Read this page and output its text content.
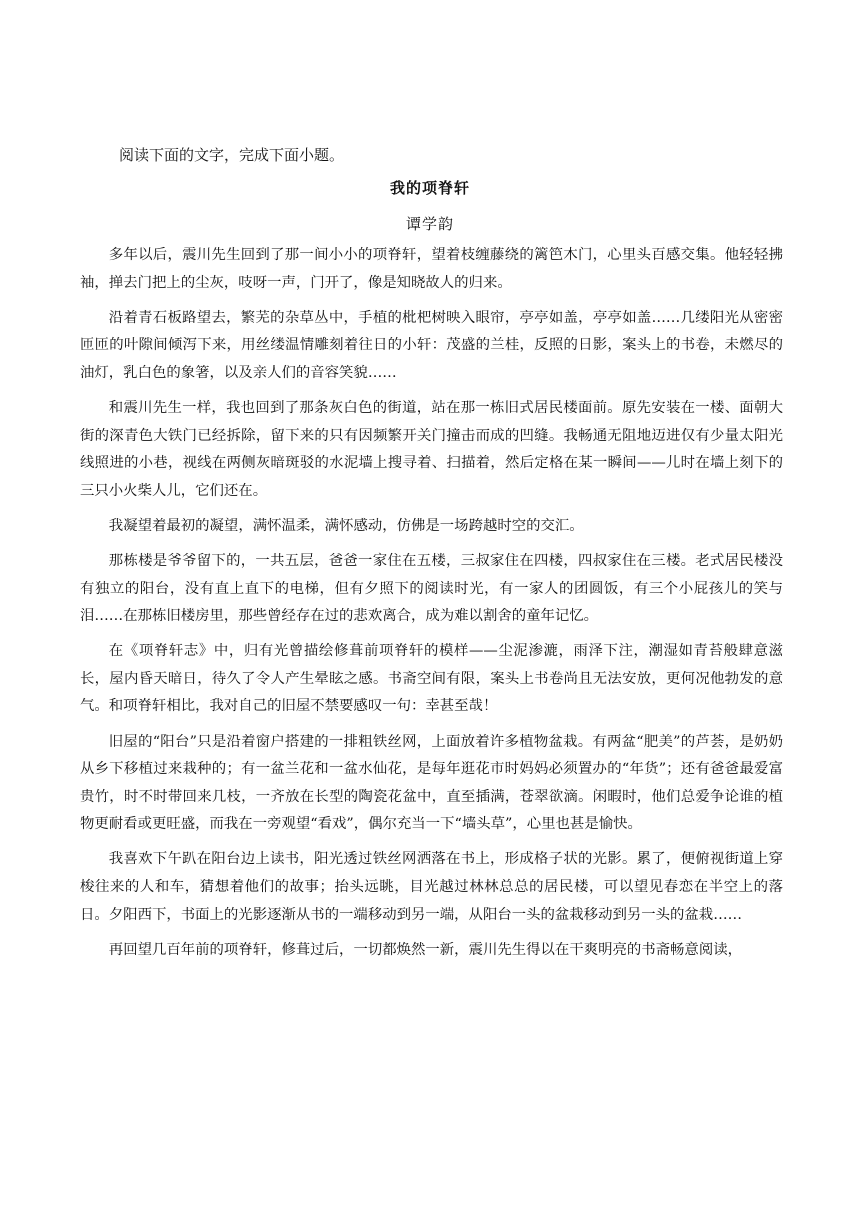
阅读下面的文字，完成下面小题。
我的项脊轩
谭学韵

多年以后，震川先生回到了那一间小小的项脊轩，望着枝缠藤绕的篱笆木门，心里头百感交集。他轻轻拂袖，掸去门把上的尘灰，吱呀一声，门开了，像是知晓故人的归来。

沿着青石板路望去，繁芜的杂草丛中，手植的枇杷树映入眼帘，亭亭如盖，亭亭如盖……几缕阳光从密密匝匝的叶隙间倾泻下来，用丝缕温情雕刻着往日的小轩：茂盛的兰桂，反照的日影，案头上的书卷，未燃尽的油灯，乳白色的象箸，以及亲人们的音容笑貌……

和震川先生一样，我也回到了那条灰白色的街道，站在那一栋旧式居民楼面前。原先安装在一楼、面朝大街的深青色大铁门已经拆除，留下来的只有因频繁开关门撞击而成的凹缝。我畅通无阻地迈进仅有少量太阳光线照进的小巷，视线在两侧灰暗斑驳的水泥墙上搜寻着、扫描着，然后定格在某一瞬间——儿时在墙上刻下的三只小火柴人儿，它们还在。

我凝望着最初的凝望，满怀温柔，满怀感动，仿佛是一场跨越时空的交汇。

那栋楼是爷爷留下的，一共五层，爸爸一家住在五楼，三叔家住在四楼，四叔家住在三楼。老式居民楼没有独立的阳台，没有直上直下的电梯，但有夕照下的阅读时光，有一家人的团圆饭，有三个小屁孩儿的笑与泪……在那栋旧楼房里，那些曾经存在过的悲欢离合，成为难以割舍的童年记忆。

在《项脊轩志》中，归有光曾描绘修葺前项脊轩的模样——尘泥渗漉，雨泽下注，潮湿如青苔般肆意滋长，屋内昏天暗日，待久了令人产生晕眩之感。书斋空间有限，案头上书卷尚且无法安放，更何况他勃发的意气。和项脊轩相比，我对自己的旧屋不禁要感叹一句：幸甚至哉！

旧屋的“阳台”只是沿着窗户搭建的一排粗铁丝网，上面放着许多植物盆栽。有两盆“肥美”的芦荟，是奶奶从乡下移植过来栽种的；有一盆兰花和一盆水仙花，是每年逛花市时妈妈必须置办的“年货”；还有爸爸最爱富贵竹，时不时带回来几枝，一齐放在长型的陶瓷花盆中，直至插满，苍翠欲滴。闲暇时，他们总爱争论谁的植物更耐看或更旺盛，而我在一旁观望“看戏”，偶尔充当一下“墙头草”，心里也甚是愉快。

我喜欢下午趴在阳台边上读书，阳光透过铁丝网洒落在书上，形成格子状的光影。累了，便俯视街道上穿梭往来的人和车，猜想着他们的故事；抬头远眺，目光越过林林总总的居民楼，可以望见春恋在半空上的落日。夕阳西下，书面上的光影逐渐从书的一端移动到另一端，从阳台一头的盆栽移动到另一头的盆栽……

再回望几百年前的项脊轩，修葺过后，一切都焕然一新，震川先生得以在干爽明亮的书斋畅意阅读，
